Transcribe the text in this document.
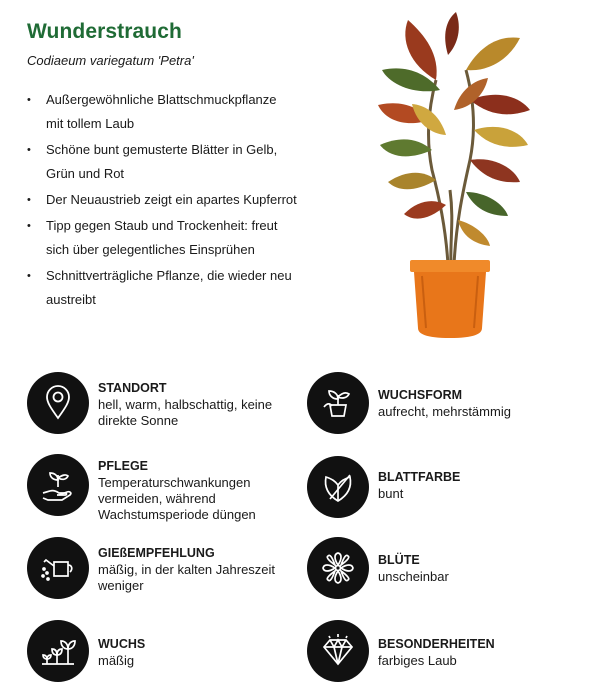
Wunderstrauch
Codiaeum variegatum 'Petra'
• Außergewöhnliche Blattschmuckpflanze mit tollem Laub
• Schöne bunt gemusterte Blätter in Gelb, Grün und Rot
• Der Neuaustrieb zeigt ein apartes Kupferrot
• Tipp gegen Staub und Trockenheit: freut sich über gelegentliches Einsprühen
• Schnittverträgliche Pflanze, die wieder neu austreibt
STANDORT
hell, warm, halbschattig, keine direkte Sonne
WUCHSFORM
aufrecht, mehrstämmig
PFLEGE
Temperaturschwankungen vermeiden, während Wachstumsperiode düngen
BLATTFARBE
bunt
GIEßEMPFEHLUNG
mäßig, in der kalten Jahreszeit weniger
BLÜTE
unscheinbar
WUCHS
mäßig
BESONDERHEITEN
farbiges Laub
